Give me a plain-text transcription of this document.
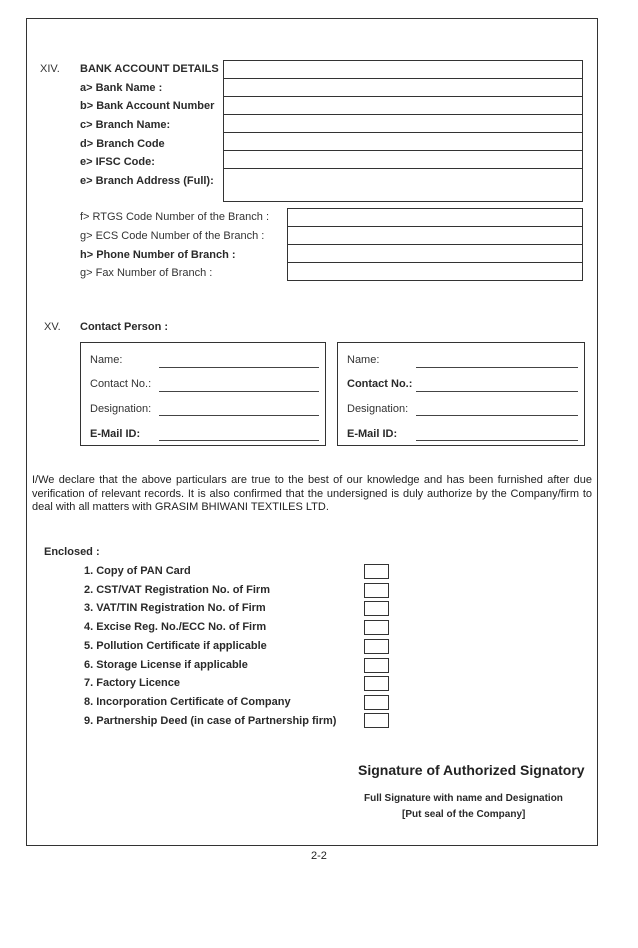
XIV. BANK ACCOUNT DETAILS
a> Bank Name :
b> Bank Account Number
c> Branch Name:
d> Branch Code
e> IFSC Code:
e> Branch Address (Full):
f> RTGS Code Number of the Branch :
g> ECS Code Number of the Branch :
h> Phone Number of Branch :
g> Fax Number of Branch :
XV. Contact Person :
Name:
Contact No.:
Designation:
E-Mail ID:
Name:
Contact No.:
Designation:
E-Mail ID:
I/We declare that the above particulars are true to the best of our knowledge and has been furnished after due verification of relevant records. It is also confirmed that the undersigned is duly authorize by the Company/firm to deal with all matters with GRASIM BHIWANI TEXTILES LTD.
Enclosed :
1. Copy of PAN Card
2. CST/VAT Registration No. of Firm
3. VAT/TIN Registration No. of Firm
4. Excise Reg. No./ECC No. of Firm
5. Pollution Certificate if applicable
6. Storage License if applicable
7. Factory Licence
8. Incorporation Certificate of Company
9. Partnership Deed (in case of Partnership firm)
Signature of Authorized Signatory
Full Signature with name and Designation
[Put seal of the Company]
2-2
